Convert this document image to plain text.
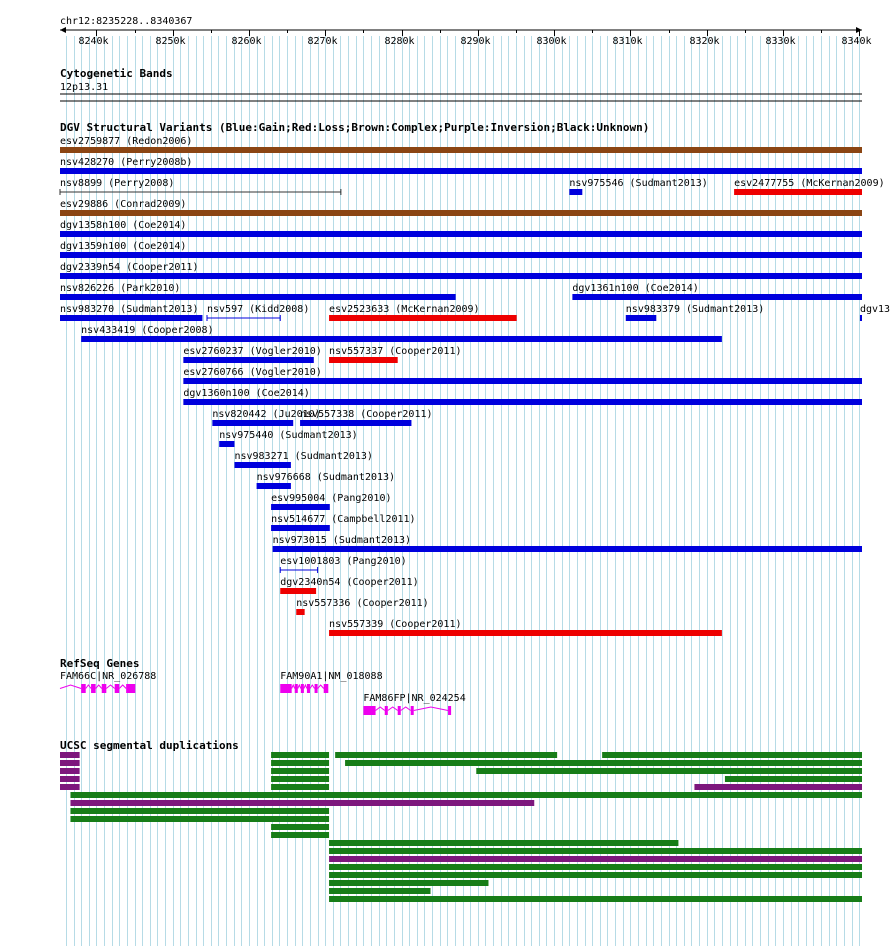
chr12:8235228..8340367
8240k	8250k	8260k	8270k	8280k	8290k	8300k	8310k	8320k	8330k	8340k
Cytogenetic Bands
12p13.31
DGV Structural Variants (Blue:Gain;Red:Loss;Brown:Complex;Purple:Inversion;Black:Unknown)
esv2759877 (Redon2006)
nsv428270 (Perry2008b)
nsv8899 (Perry2008)	nsv975546 (Sudmant2013)	esv2477755 (McKernan2009)
esv29886 (Conrad2009)
dgv1358n100 (Coe2014)
dgv1359n100 (Coe2014)
dgv2339n54 (Cooper2011)
nsv826226 (Park2010)	dgv1361n100 (Coe2014)
nsv983270 (Sudmant2013) nsv597 (Kidd2008) esv2523633 (McKernan2009)	nsv983379 (Sudmant2013)	dgv13
nsv433419 (Cooper2008)
esv2760237 (Vogler2010) nsv557337 (Cooper2011)
esv2760766 (Vogler2010)
dgv1360n100 (Coe2014)
nsv820442 (Ju2010)
nsv557338 (Cooper2011)
nsv975440 (Sudmant2013)
nsv983271 (Sudmant2013)
nsv976668 (Sudmant2013)
esv995004 (Pang2010)
nsv514677 (Campbell2011)
nsv973015 (Sudmant2013)
esv1001803 (Pang2010)
dgv2340n54 (Cooper2011)
nsv557336 (Cooper2011)
nsv557339 (Cooper2011)
RefSeq Genes
FAM66C|NR_026788	FAM90A1|NM_018088
FAM86FP|NR_024254
UCSC segmental duplications
